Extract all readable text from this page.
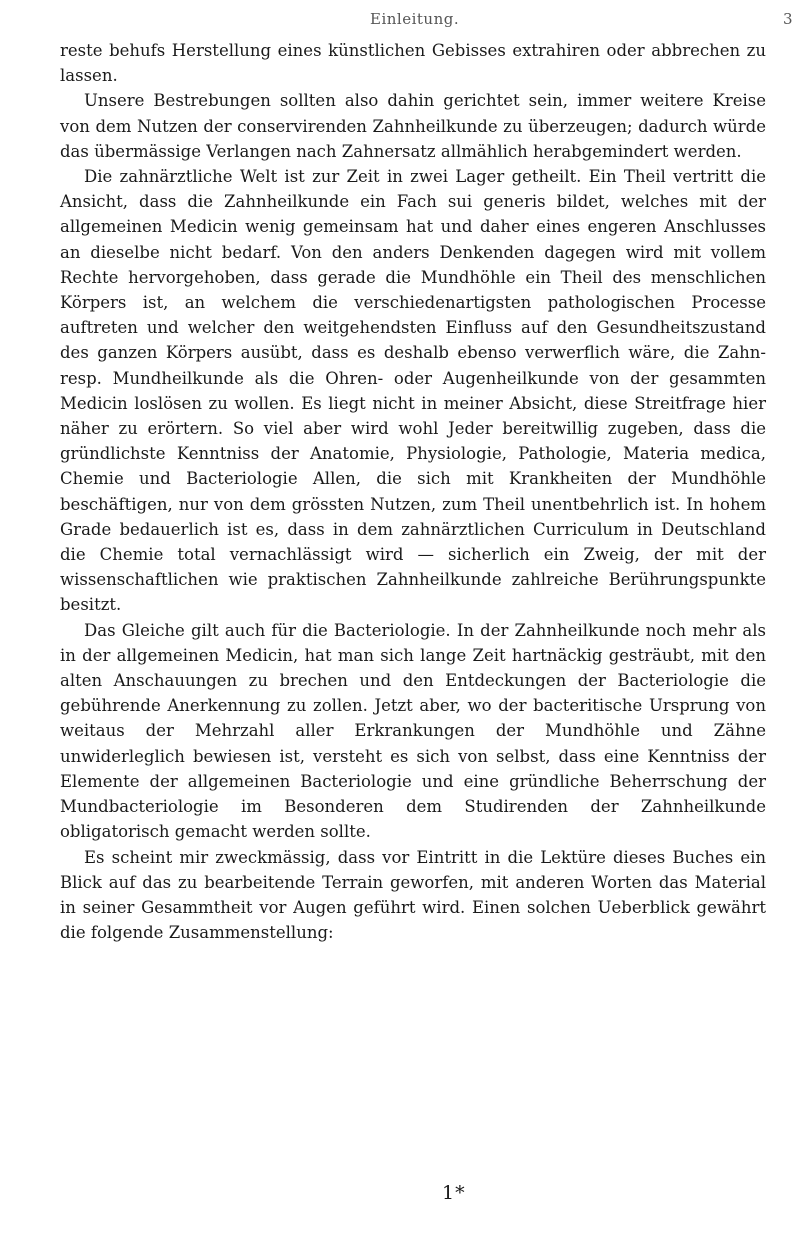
Einleitung.	3

reste behufs Herstellung eines künstlichen Gebisses extrahiren oder abbrechen zu lassen.

Unsere Bestrebungen sollten also dahin gerichtet sein, immer weitere Kreise von dem Nutzen der conservirenden Zahnheilkunde zu überzeugen; dadurch würde das übermässige Verlangen nach Zahnersatz allmählich herabgemindert werden.

Die zahnärztliche Welt ist zur Zeit in zwei Lager getheilt. Ein Theil vertritt die Ansicht, dass die Zahnheilkunde ein Fach sui generis bildet, welches mit der allgemeinen Medicin wenig gemeinsam hat und daher eines engeren Anschlusses an dieselbe nicht bedarf. Von den anders Denkenden dagegen wird mit vollem Rechte hervorgehoben, dass gerade die Mundhöhle ein Theil des menschlichen Körpers ist, an welchem die verschiedenartigsten pathologischen Processe auftreten und welcher den weitgehendsten Einfluss auf den Gesundheitszustand des ganzen Körpers ausübt, dass es deshalb ebenso verwerflich wäre, die Zahn- resp. Mundheilkunde als die Ohren- oder Augenheilkunde von der gesammten Medicin loslösen zu wollen. Es liegt nicht in meiner Absicht, diese Streitfrage hier näher zu erörtern. So viel aber wird wohl Jeder bereitwillig zugeben, dass die gründlichste Kenntniss der Anatomie, Physiologie, Pathologie, Materia medica, Chemie und Bacteriologie Allen, die sich mit Krankheiten der Mundhöhle beschäftigen, nur von dem grössten Nutzen, zum Theil unentbehrlich ist. In hohem Grade bedauerlich ist es, dass in dem zahnärztlichen Curriculum in Deutschland die Chemie total vernachlässigt wird — sicherlich ein Zweig, der mit der wissenschaftlichen wie praktischen Zahnheilkunde zahlreiche Berührungspunkte besitzt.

Das Gleiche gilt auch für die Bacteriologie. In der Zahnheilkunde noch mehr als in der allgemeinen Medicin, hat man sich lange Zeit hartnäckig gesträubt, mit den alten Anschauungen zu brechen und den Entdeckungen der Bacteriologie die gebührende Anerkennung zu zollen. Jetzt aber, wo der bacteritische Ursprung von weitaus der Mehrzahl aller Erkrankungen der Mundhöhle und Zähne unwiderleglich bewiesen ist, versteht es sich von selbst, dass eine Kenntniss der Elemente der allgemeinen Bacteriologie und eine gründliche Beherrschung der Mundbacteriologie im Besonderen dem Studirenden der Zahnheilkunde obligatorisch gemacht werden sollte.

Es scheint mir zweckmässig, dass vor Eintritt in die Lektüre dieses Buches ein Blick auf das zu bearbeitende Terrain geworfen, mit anderen Worten das Material in seiner Gesammtheit vor Augen geführt wird. Einen solchen Ueberblick gewährt die folgende Zusammenstellung:

1*
